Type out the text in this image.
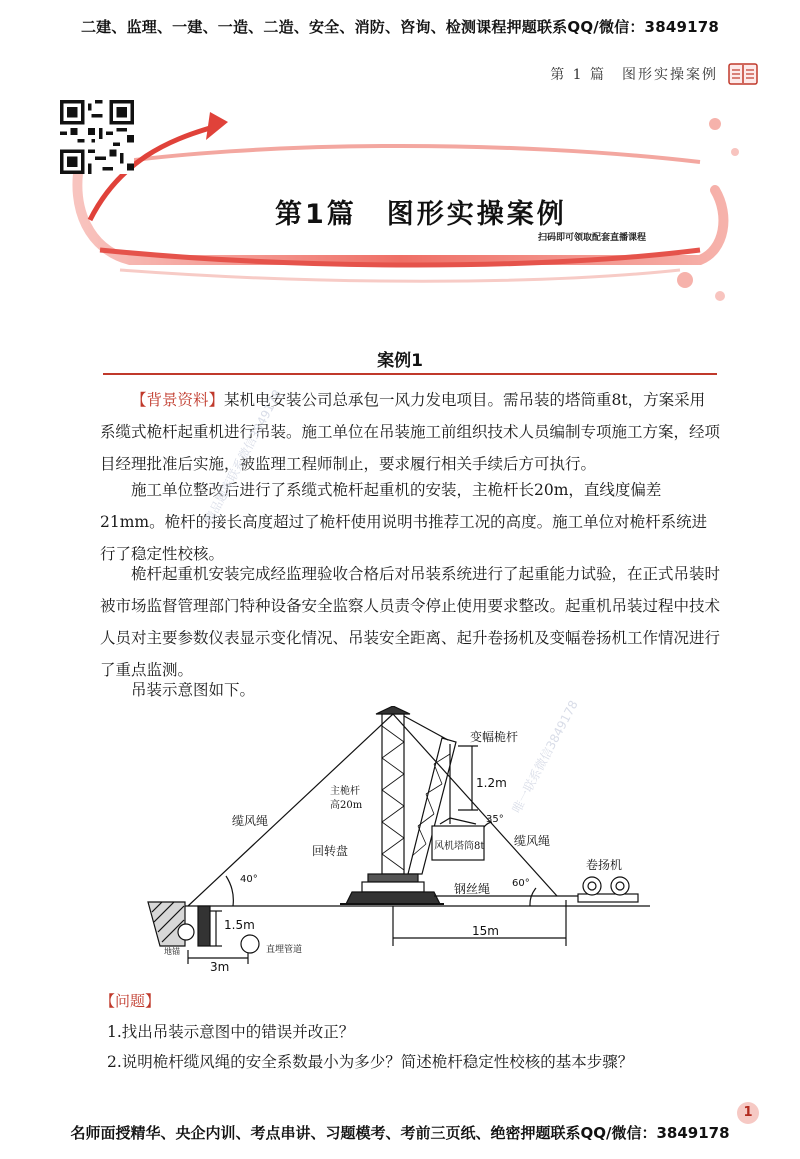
二建、监理、一建、一造、二造、安全、消防、咨询、检测课程押题联系QQ/微信：3849178
第 1 篇　图形实操案例
第1篇　图形实操案例
扫码即可领取配套直播课程
案例1
【背景资料】某机电安装公司总承包一风力发电项目。需吊装的塔筒重8t，方案采用系缆式桅杆起重机进行吊装。施工单位在吊装施工前组织技术人员编制专项施工方案，经项目经理批准后实施，被监理工程师制止，要求履行相关手续后方可执行。
施工单位整改后进行了系缆式桅杆起重机的安装，主桅杆长20m，直线度偏差21mm。桅杆的接长高度超过了桅杆使用说明书推荐工况的高度。施工单位对桅杆系统进行了稳定性校核。
桅杆起重机安装完成经监理验收合格后对吊装系统进行了起重能力试验，在正式吊装时被市场监督管理部门特种设备安全监察人员责令停止使用要求整改。起重机吊装过程中技术人员对主要参数仪表显示变化情况、吊装安全距离、起升卷扬机及变幅卷扬机工作情况进行了重点监测。
吊装示意图如下。
精品题库联系微信3849178
唯一联系微信3849178
变幅桅杆
主桅杆
高20m
1.2m
35°
缆风绳
缆风绳
风机塔筒8t
回转盘
卷扬机
40°
钢丝绳 60°
1.5m	15m
3m
地锚	直埋管道
【问题】
1.找出吊装示意图中的错误并改正？
2.说明桅杆缆风绳的安全系数最小为多少？简述桅杆稳定性校核的基本步骤？
1
名师面授精华、央企内训、考点串讲、习题模考、考前三页纸、绝密押题联系QQ/微信：3849178
